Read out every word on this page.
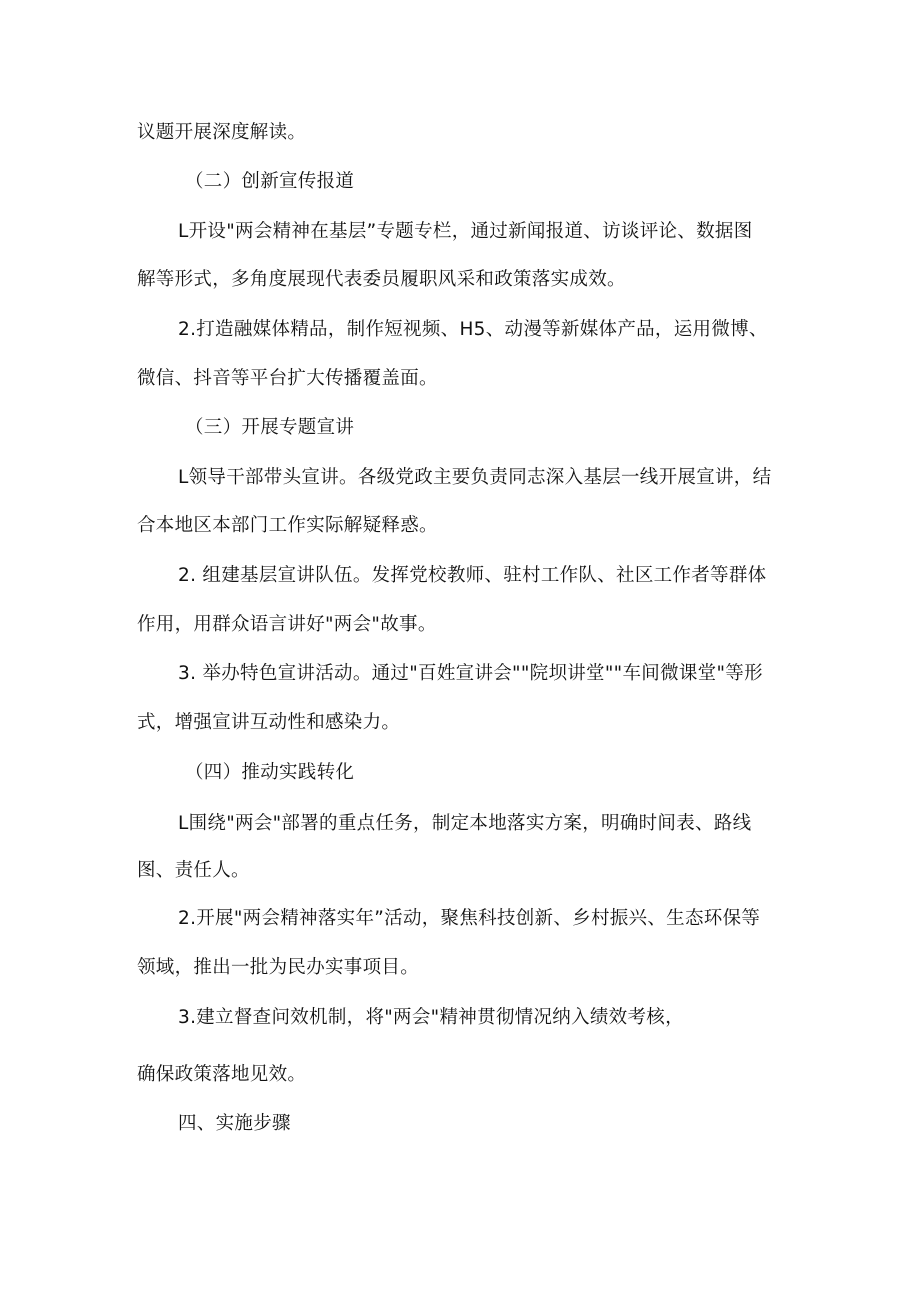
议题开展深度解读。
（二）创新宣传报道
L开设"两会精神在基层”专题专栏，通过新闻报道、访谈评论、数据图
解等形式，多角度展现代表委员履职风采和政策落实成效。
2.打造融媒体精品，制作短视频、H5、动漫等新媒体产品，运用微博、
微信、抖音等平台扩大传播覆盖面。
（三）开展专题宣讲
L领导干部带头宣讲。各级党政主要负责同志深入基层一线开展宣讲，结
合本地区本部门工作实际解疑释惑。
2. 组建基层宣讲队伍。发挥党校教师、驻村工作队、社区工作者等群体
作用，用群众语言讲好"两会"故事。
3. 举办特色宣讲活动。通过"百姓宣讲会""院坝讲堂""车间微课堂"等形
式，增强宣讲互动性和感染力。
（四）推动实践转化
L围绕"两会"部署的重点任务，制定本地落实方案，明确时间表、路线
图、责任人。
2.开展"两会精神落实年”活动，聚焦科技创新、乡村振兴、生态环保等
领域，推出一批为民办实事项目。
3.建立督查问效机制，将"两会"精神贯彻情况纳入绩效考核，
确保政策落地见效。
四、实施步骤
